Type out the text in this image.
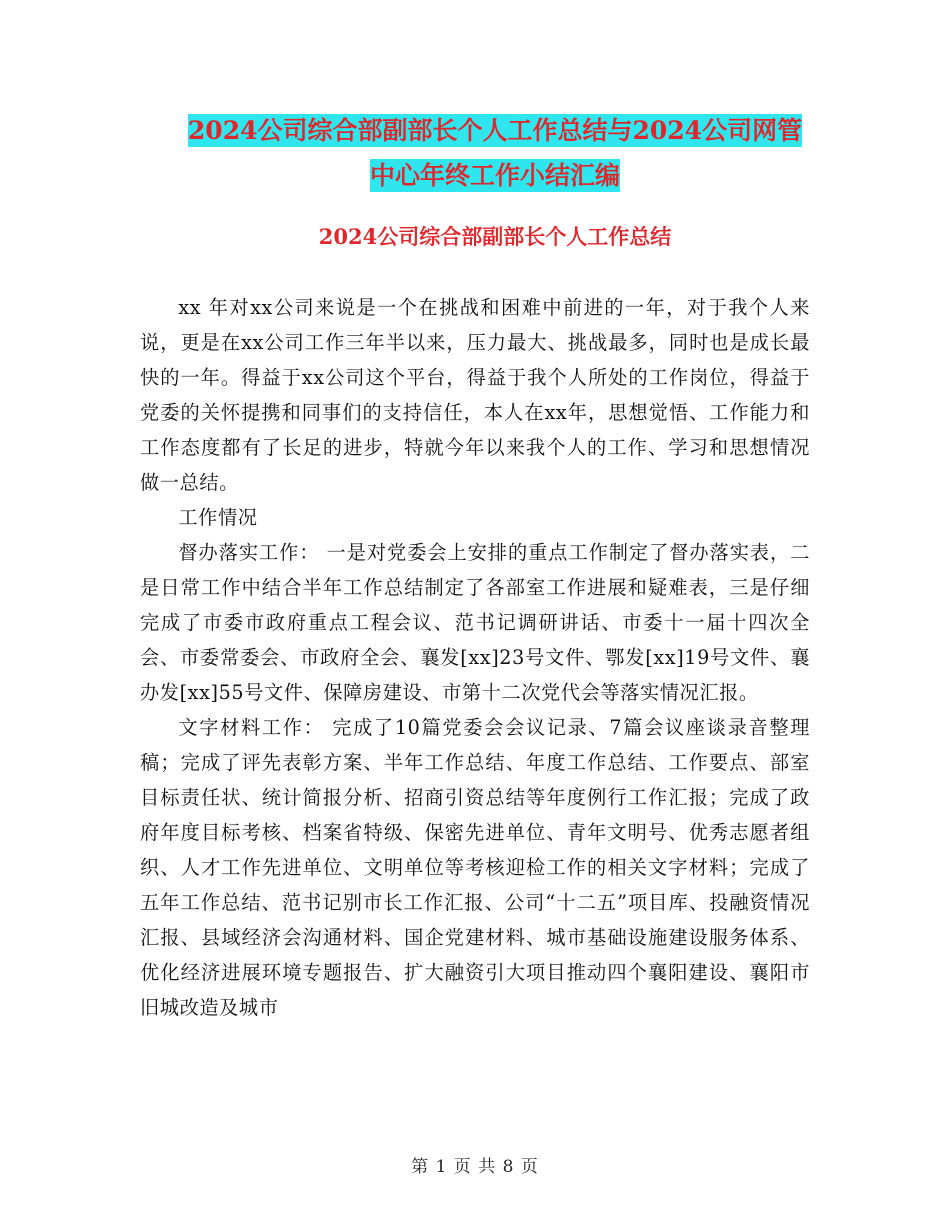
2024公司综合部副部长个人工作总结与2024公司网管
中心年终工作小结汇编
2024公司综合部副部长个人工作总结

xx 年对xx公司来说是一个在挑战和困难中前进的一年，对于我个人来说，更是在xx公司工作三年半以来，压力最大、挑战最多，同时也是成长最快的一年。得益于xx公司这个平台，得益于我个人所处的工作岗位，得益于党委的关怀提携和同事们的支持信任，本人在xx年，思想觉悟、工作能力和工作态度都有了长足的进步，特就今年以来我个人的工作、学习和思想情况做一总结。

工作情况

督办落实工作： 一是对党委会上安排的重点工作制定了督办落实表，二是日常工作中结合半年工作总结制定了各部室工作进展和疑难表，三是仔细完成了市委市政府重点工程会议、范书记调研讲话、市委十一届十四次全会、市委常委会、市政府全会、襄发[xx]23号文件、鄂发[xx]19号文件、襄办发[xx]55号文件、保障房建设、市第十二次党代会等落实情况汇报。

文字材料工作： 完成了10篇党委会会议记录、7篇会议座谈录音整理稿；完成了评先表彰方案、半年工作总结、年度工作总结、工作要点、部室目标责任状、统计简报分析、招商引资总结等年度例行工作汇报；完成了政府年度目标考核、档案省特级、保密先进单位、青年文明号、优秀志愿者组织、人才工作先进单位、文明单位等考核迎检工作的相关文字材料；完成了五年工作总结、范书记别市长工作汇报、公司“十二五”项目库、投融资情况汇报、县域经济会沟通材料、国企党建材料、城市基础设施建设服务体系、优化经济进展环境专题报告、扩大融资引大项目推动四个襄阳建设、襄阳市旧城改造及城市

第 1 页 共 8 页
